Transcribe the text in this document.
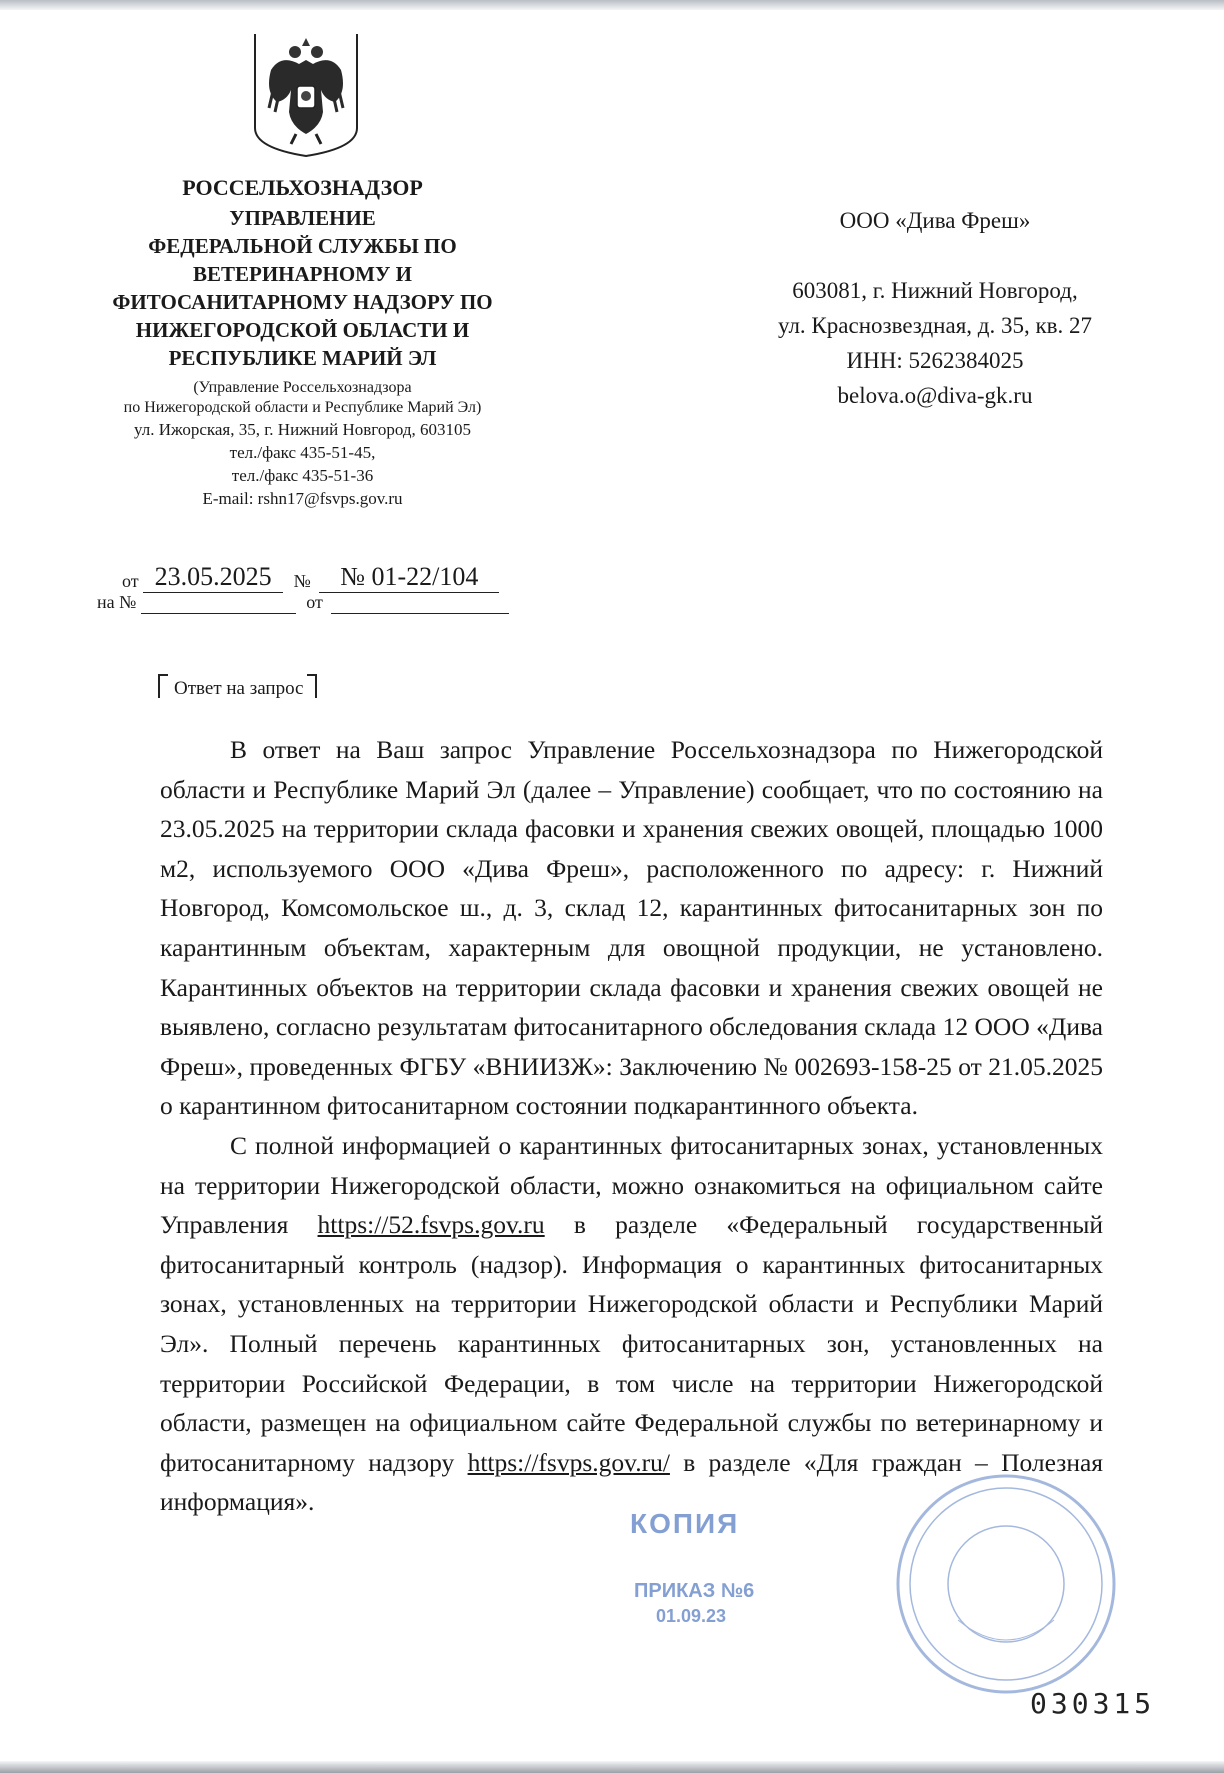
РОССЕЛЬХОЗНАДЗОР
УПРАВЛЕНИЕ
ФЕДЕРАЛЬНОЙ СЛУЖБЫ ПО
ВЕТЕРИНАРНОМУ И
ФИТОСАНИТАРНОМУ НАДЗОРУ ПО
НИЖЕГОРОДСКОЙ ОБЛАСТИ И
РЕСПУБЛИКЕ МАРИЙ ЭЛ
(Управление Россельхознадзора
по Нижегородской области и Республике Марий Эл)
ул. Ижорская, 35, г. Нижний Новгород, 603105
тел./факс 435-51-45,
тел./факс 435-51-36
E-mail: rshn17@fsvps.gov.ru
от 23.05.2025 № № 01-22/104
на №	от
ООО «Дива Фреш»
603081, г. Нижний Новгород,
ул. Краснозвездная, д. 35, кв. 27
ИНН: 5262384025
belova.o@diva-gk.ru
Ответ на запрос

В ответ на Ваш запрос Управление Россельхознадзора по Нижегородской области и Республике Марий Эл (далее – Управление) сообщает, что по состоянию на 23.05.2025 на территории склада фасовки и хранения свежих овощей, площадью 1000 м2, используемого ООО «Дива Фреш», расположенного по адресу: г. Нижний Новгород, Комсомольское ш., д. 3, склад 12, карантинных фитосанитарных зон по карантинным объектам, характерным для овощной продукции, не установлено. Карантинных объектов на территории склада фасовки и хранения свежих овощей не выявлено, согласно результатам фитосанитарного обследования склада 12 ООО «Дива Фреш», проведенных ФГБУ «ВНИИЗЖ»: Заключению № 002693-158-25 от 21.05.2025 о карантинном фитосанитарном состоянии подкарантинного объекта.

С полной информацией о карантинных фитосанитарных зонах, установленных на территории Нижегородской области, можно ознакомиться на официальном сайте Управления https://52.fsvps.gov.ru в разделе «Федеральный государственный фитосанитарный контроль (надзор). Информация о карантинных фитосанитарных зонах, установленных на территории Нижегородской области и Республики Марий Эл». Полный перечень карантинных фитосанитарных зон, установленных на территории Российской Федерации, в том числе на территории Нижегородской области, размещен на официальном сайте Федеральной службы по ветеринарному и фитосанитарному надзору https://fsvps.gov.ru/ в разделе «Для граждан – Полезная информация».

КОПИЯ
ПРИКАЗ №6
01.09.23
030315
